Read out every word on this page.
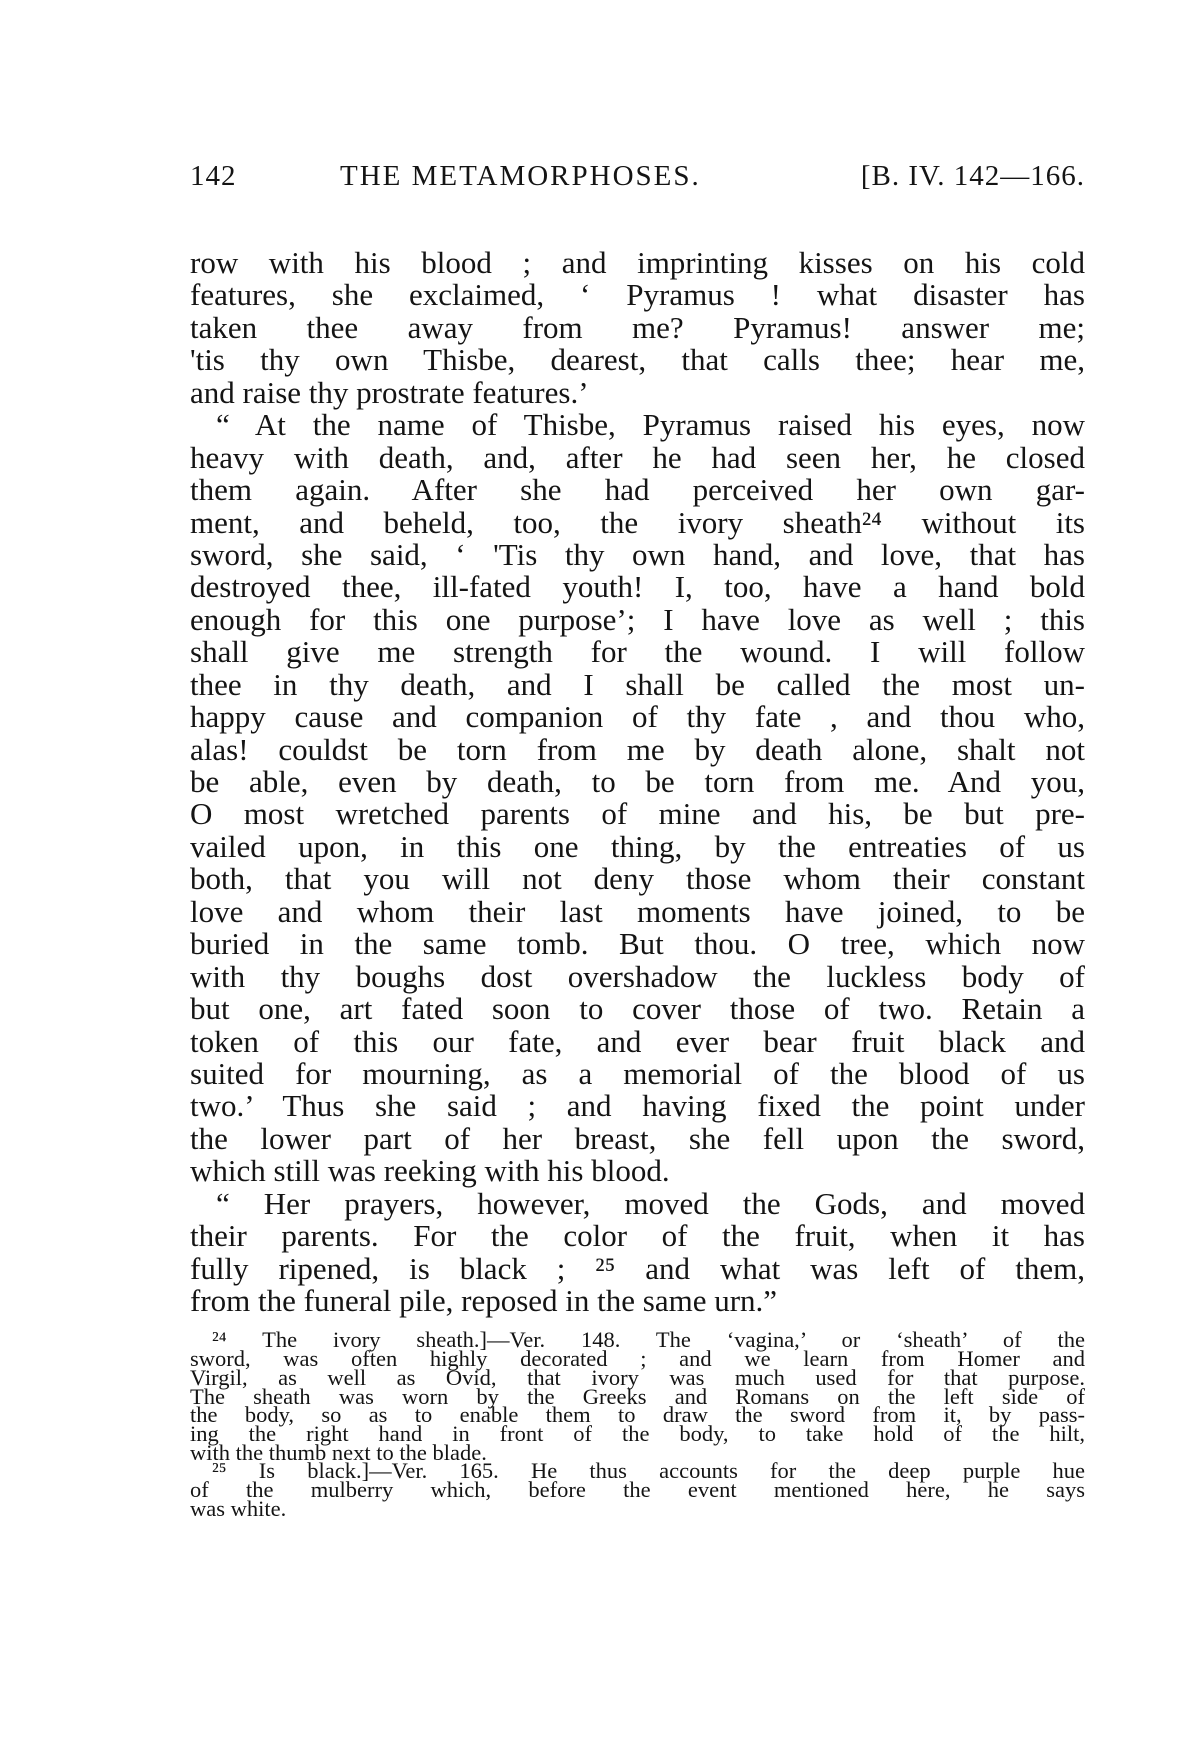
142	THE METAMORPHOSES.	[B. IV. 142—166.
row with his blood ; and imprinting kisses on his cold
features, she exclaimed, ‘ Pyramus ! what disaster has
taken thee away from me? Pyramus! answer me;
'tis thy own Thisbe, dearest, that calls thee; hear me,
and raise thy prostrate features.’
“ At the name of Thisbe, Pyramus raised his eyes, now
heavy with death, and, after he had seen her, he closed
them again. After she had perceived her own gar-
ment, and beheld, too, the ivory sheath²⁴ without its
sword, she said, ‘ 'Tis thy own hand, and love, that has
destroyed thee, ill-fated youth! I, too, have a hand bold
enough for this one purpose’; I have love as well ; this
shall give me strength for the wound. I will follow
thee in thy death, and I shall be called the most un-
happy cause and companion of thy fate , and thou who,
alas! couldst be torn from me by death alone, shalt not
be able, even by death, to be torn from me. And you,
O most wretched parents of mine and his, be but pre-
vailed upon, in this one thing, by the entreaties of us
both, that you will not deny those whom their constant
love and whom their last moments have joined, to be
buried in the same tomb. But thou. O tree, which now
with thy boughs dost overshadow the luckless body of
but one, art fated soon to cover those of two. Retain a
token of this our fate, and ever bear fruit black and
suited for mourning, as a memorial of the blood of us
two.’ Thus she said ; and having fixed the point under
the lower part of her breast, she fell upon the sword,
which still was reeking with his blood.
“ Her prayers, however, moved the Gods, and moved
their parents. For the color of the fruit, when it has
fully ripened, is black ; ²⁵ and what was left of them,
from the funeral pile, reposed in the same urn.”
²⁴ The ivory sheath.]—Ver. 148. The ‘vagina,’ or ‘sheath’ of the
sword, was often highly decorated ; and we learn from Homer and
Virgil, as well as Ovid, that ivory was much used for that purpose.
The sheath was worn by the Greeks and Romans on the left side of
the body, so as to enable them to draw the sword from it, by pass-
ing the right hand in front of the body, to take hold of the hilt,
with the thumb next to the blade.
²⁵ Is black.]—Ver. 165. He thus accounts for the deep purple hue
of the mulberry which, before the event mentioned here, he says
was white.
